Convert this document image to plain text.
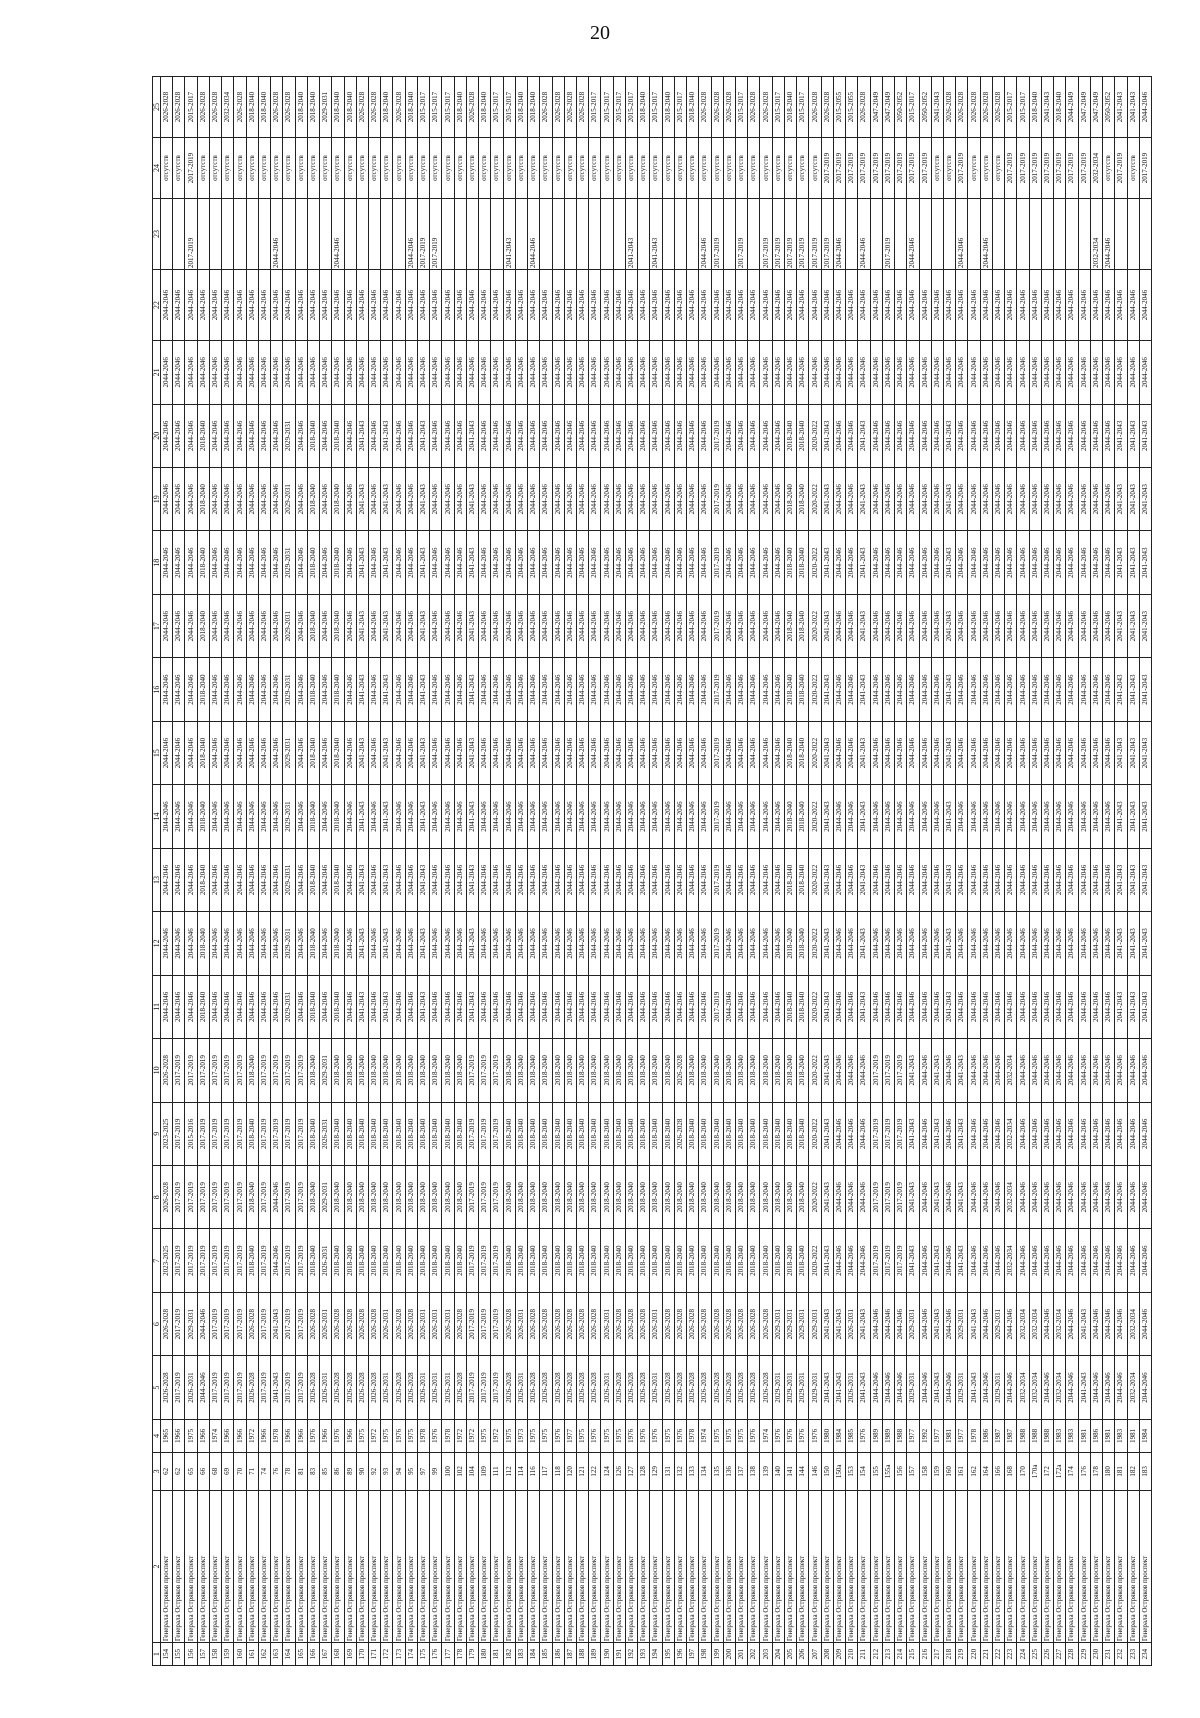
20
1	2	3	4	5	6	7	8	9	10	11	12	13	14	15	16	17	18	19	20	21	22	23	24	25
154	Генерала Остряков проспект	62	1965	2026-2028	2026-2028	2023-2025	2026-2028	2023-2025	2026-2028	2044-2046	2044-2046	2044-2046	2044-2046	2044-2046	2044-2046	2044-2046	2044-2046	2044-2046	2044-2046	2044-2046	2044-2046		отсутств	2026-2028
155	Генерала Остряков проспект	62	1966	2017-2019	2017-2019	2017-2019	2017-2019	2017-2019	2017-2019	2044-2046	2044-2046	2044-2046	2044-2046	2044-2046	2044-2046	2044-2046	2044-2046	2044-2046	2044-2046	2044-2046	2044-2046		отсутств	2026-2028
156	Генерала Остряков проспект	65	1975	2026-2031	2029-2031	2017-2019	2017-2019	2015-2016	2017-2019	2044-2046	2044-2046	2044-2046	2044-2046	2044-2046	2044-2046	2044-2046	2044-2046	2044-2046	2044-2046	2044-2046	2044-2046	2017-2019	2017-2019	2015-2017
157	Генерала Остряков проспект	66	1966	2044-2046	2044-2046	2017-2019	2017-2019	2017-2019	2017-2019	2018-2040	2018-2040	2018-2040	2018-2040	2018-2040	2018-2040	2018-2040	2018-2040	2018-2040	2018-2040	2044-2046	2044-2046		отсутств	2026-2028
158	Генерала Остряков проспект	68	1974	2017-2019	2017-2019	2017-2019	2017-2019	2017-2019	2017-2019	2044-2046	2044-2046	2044-2046	2044-2046	2044-2046	2044-2046	2044-2046	2044-2046	2044-2046	2044-2046	2044-2046	2044-2046		отсутств	2026-2028
159	Генерала Остряков проспект	69	1966	2017-2019	2017-2019	2017-2019	2017-2019	2017-2019	2017-2019	2044-2046	2044-2046	2044-2046	2044-2046	2044-2046	2044-2046	2044-2046	2044-2046	2044-2046	2044-2046	2044-2046	2044-2046		отсутств	2032-2034
160	Генерала Остряков проспект	70	1966	2017-2019	2017-2019	2017-2019	2017-2019	2017-2019	2017-2019	2044-2046	2044-2046	2044-2046	2044-2046	2044-2046	2044-2046	2044-2046	2044-2046	2044-2046	2044-2046	2044-2046	2044-2046		отсутств	2026-2028
161	Генерала Остряков проспект	71	1972	2026-2028	2026-2028	2018-2040	2018-2040	2018-2040	2018-2040	2044-2046	2044-2046	2044-2046	2044-2046	2044-2046	2044-2046	2044-2046	2044-2046	2044-2046	2044-2046	2044-2046	2044-2046		отсутств	2018-2040
162	Генерала Остряков проспект	74	1966	2017-2019	2017-2019	2017-2019	2017-2019	2017-2019	2017-2019	2044-2046	2044-2046	2044-2046	2044-2046	2044-2046	2044-2046	2044-2046	2044-2046	2044-2046	2044-2046	2044-2046	2044-2046		отсутств	2018-2040
163	Генерала Остряков проспект	76	1978	2041-2043	2041-2043	2044-2046	2044-2046	2017-2019	2017-2019	2044-2046	2044-2046	2044-2046	2044-2046	2044-2046	2044-2046	2044-2046	2044-2046	2044-2046	2044-2046	2044-2046	2044-2046	2044-2046	отсутств	2026-2028
164	Генерала Остряков проспект	78	1966	2017-2019	2017-2019	2017-2019	2017-2019	2017-2019	2017-2019	2029-2031	2029-2031	2029-2031	2029-2031	2029-2031	2029-2031	2029-2031	2029-2031	2029-2031	2029-2031	2044-2046	2044-2046		отсутств	2026-2028
165	Генерала Остряков проспект	81	1966	2017-2019	2017-2019	2017-2019	2017-2019	2017-2019	2017-2019	2044-2046	2044-2046	2044-2046	2044-2046	2044-2046	2044-2046	2044-2046	2044-2046	2044-2046	2044-2046	2044-2046	2044-2046		отсутств	2018-2040
166	Генерала Остряков проспект	83	1976	2026-2028	2026-2028	2018-2040	2018-2040	2018-2040	2018-2040	2018-2040	2018-2040	2018-2040	2018-2040	2018-2040	2018-2040	2018-2040	2018-2040	2018-2040	2018-2040	2044-2046	2044-2046		отсутств	2018-2040
167	Генерала Остряков проспект	85	1966	2026-2031	2026-2031	2026-2031	2029-2031	2026-2031	2029-2031	2044-2046	2044-2046	2044-2046	2044-2046	2044-2046	2044-2046	2044-2046	2044-2046	2044-2046	2044-2046	2044-2046	2044-2046		отсутств	2029-2031
168	Генерала Остряков проспект	86	1976	2026-2028	2026-2028	2018-2040	2018-2040	2018-2040	2018-2040	2018-2040	2018-2040	2018-2040	2018-2040	2018-2040	2018-2040	2018-2040	2018-2040	2018-2040	2018-2040	2044-2046	2044-2046	2044-2046	отсутств	2018-2040
169	Генерала Остряков проспект	89	1966	2026-2028	2026-2028	2018-2040	2018-2040	2018-2040	2018-2040	2044-2046	2044-2046	2044-2046	2044-2046	2044-2046	2044-2046	2044-2046	2044-2046	2044-2046	2044-2046	2044-2046	2044-2046		отсутств	2018-2040
170	Генерала Остряков проспект	90	1975	2026-2028	2026-2028	2018-2040	2018-2040	2018-2040	2018-2040	2041-2043	2041-2043	2041-2043	2041-2043	2041-2043	2041-2043	2041-2043	2041-2043	2041-2043	2041-2043	2044-2046	2044-2046		отсутств	2026-2028
171	Генерала Остряков проспект	92	1972	2026-2028	2026-2028	2018-2040	2018-2040	2018-2040	2018-2040	2044-2046	2044-2046	2044-2046	2044-2046	2044-2046	2044-2046	2044-2046	2044-2046	2044-2046	2044-2046	2044-2046	2044-2046		отсутств	2026-2028
172	Генерала Остряков проспект	93	1975	2026-2031	2026-2031	2018-2040	2018-2040	2018-2040	2018-2040	2041-2043	2041-2043	2041-2043	2041-2043	2041-2043	2041-2043	2041-2043	2041-2043	2041-2043	2041-2043	2044-2046	2044-2046		отсутств	2018-2040
173	Генерала Остряков проспект	94	1976	2026-2028	2026-2028	2018-2040	2018-2040	2018-2040	2018-2040	2044-2046	2044-2046	2044-2046	2044-2046	2044-2046	2044-2046	2044-2046	2044-2046	2044-2046	2044-2046	2044-2046	2044-2046		отсутств	2026-2028
174	Генерала Остряков проспект	95	1975	2026-2028	2026-2028	2018-2040	2018-2040	2018-2040	2018-2040	2044-2046	2044-2046	2044-2046	2044-2046	2044-2046	2044-2046	2044-2046	2044-2046	2044-2046	2044-2046	2044-2046	2044-2046	2044-2046	отсутств	2018-2040
175	Генерала Остряков проспект	97	1978	2026-2031	2026-2031	2018-2040	2018-2040	2018-2040	2018-2040	2041-2043	2041-2043	2041-2043	2041-2043	2041-2043	2041-2043	2041-2043	2041-2043	2041-2043	2041-2043	2044-2046	2044-2046	2017-2019	отсутств	2015-2017
176	Генерала Остряков проспект	99	1976	2026-2031	2026-2031	2018-2040	2018-2040	2018-2040	2018-2040	2044-2046	2044-2046	2044-2046	2044-2046	2044-2046	2044-2046	2044-2046	2044-2046	2044-2046	2044-2046	2044-2046	2044-2046	2017-2019	отсутств	2015-2017
177	Генерала Остряков проспект	100	1978	2026-2031	2026-2031	2018-2040	2018-2040	2018-2040	2018-2040	2044-2046	2044-2046	2044-2046	2044-2046	2044-2046	2044-2046	2044-2046	2044-2046	2044-2046	2044-2046	2044-2046	2044-2046		отсутств	2015-2017
178	Генерала Остряков проспект	102	1972	2026-2028	2026-2028	2018-2040	2018-2040	2018-2040	2018-2040	2044-2046	2044-2046	2044-2046	2044-2046	2044-2046	2044-2046	2044-2046	2044-2046	2044-2046	2044-2046	2044-2046	2044-2046		отсутств	2018-2040
179	Генерала Остряков проспект	104	1972	2017-2019	2017-2019	2017-2019	2017-2019	2017-2019	2017-2019	2041-2043	2041-2043	2041-2043	2041-2043	2041-2043	2041-2043	2041-2043	2041-2043	2041-2043	2041-2043	2044-2046	2044-2046		отсутств	2026-2028
180	Генерала Остряков проспект	109	1975	2017-2019	2017-2019	2017-2019	2017-2019	2017-2019	2017-2019	2044-2046	2044-2046	2044-2046	2044-2046	2044-2046	2044-2046	2044-2046	2044-2046	2044-2046	2044-2046	2044-2046	2044-2046		отсутств	2018-2040
181	Генерала Остряков проспект	111	1972	2017-2019	2017-2019	2017-2019	2017-2019	2017-2019	2017-2019	2044-2046	2044-2046	2044-2046	2044-2046	2044-2046	2044-2046	2044-2046	2044-2046	2044-2046	2044-2046	2044-2046	2044-2046		отсутств	2015-2017
182	Генерала Остряков проспект	112	1975	2026-2028	2026-2028	2018-2040	2018-2040	2018-2040	2018-2040	2044-2046	2044-2046	2044-2046	2044-2046	2044-2046	2044-2046	2044-2046	2044-2046	2044-2046	2044-2046	2044-2046	2044-2046	2041-2043	отсутств	2015-2017
183	Генерала Остряков проспект	114	1973	2026-2031	2026-2031	2018-2040	2018-2040	2018-2040	2018-2040	2044-2046	2044-2046	2044-2046	2044-2046	2044-2046	2044-2046	2044-2046	2044-2046	2044-2046	2044-2046	2044-2046	2044-2046		отсутств	2018-2040
184	Генерала Остряков проспект	116	1975	2026-2028	2026-2028	2018-2040	2018-2040	2018-2040	2018-2040	2044-2046	2044-2046	2044-2046	2044-2046	2044-2046	2044-2046	2044-2046	2044-2046	2044-2046	2044-2046	2044-2046	2044-2046	2044-2046	отсутств	2018-2040
185	Генерала Остряков проспект	117	1975	2026-2028	2026-2028	2018-2040	2018-2040	2018-2040	2018-2040	2044-2046	2044-2046	2044-2046	2044-2046	2044-2046	2044-2046	2044-2046	2044-2046	2044-2046	2044-2046	2044-2046	2044-2046		отсутств	2026-2028
186	Генерала Остряков проспект	118	1976	2026-2028	2026-2028	2018-2040	2018-2040	2018-2040	2018-2040	2044-2046	2044-2046	2044-2046	2044-2046	2044-2046	2044-2046	2044-2046	2044-2046	2044-2046	2044-2046	2044-2046	2044-2046		отсутств	2026-2028
187	Генерала Остряков проспект	120	1977	2026-2028	2026-2028	2018-2040	2018-2040	2018-2040	2018-2040	2044-2046	2044-2046	2044-2046	2044-2046	2044-2046	2044-2046	2044-2046	2044-2046	2044-2046	2044-2046	2044-2046	2044-2046		отсутств	2026-2028
188	Генерала Остряков проспект	121	1975	2026-2028	2026-2028	2018-2040	2018-2040	2018-2040	2018-2040	2044-2046	2044-2046	2044-2046	2044-2046	2044-2046	2044-2046	2044-2046	2044-2046	2044-2046	2044-2046	2044-2046	2044-2046		отсутств	2026-2028
189	Генерала Остряков проспект	122	1976	2026-2028	2026-2028	2018-2040	2018-2040	2018-2040	2018-2040	2044-2046	2044-2046	2044-2046	2044-2046	2044-2046	2044-2046	2044-2046	2044-2046	2044-2046	2044-2046	2044-2046	2044-2046		отсутств	2015-2017
190	Генерала Остряков проспект	124	1975	2026-2031	2026-2031	2018-2040	2018-2040	2018-2040	2018-2040	2044-2046	2044-2046	2044-2046	2044-2046	2044-2046	2044-2046	2044-2046	2044-2046	2044-2046	2044-2046	2044-2046	2044-2046		отсутств	2015-2017
191	Генерала Остряков проспект	126	1975	2026-2028	2026-2028	2018-2040	2018-2040	2018-2040	2018-2040	2044-2046	2044-2046	2044-2046	2044-2046	2044-2046	2044-2046	2044-2046	2044-2046	2044-2046	2044-2046	2044-2046	2044-2046		отсутств	2015-2017
192	Генерала Остряков проспект	127	1976	2026-2028	2026-2028	2018-2040	2018-2040	2018-2040	2018-2040	2044-2046	2044-2046	2044-2046	2044-2046	2044-2046	2044-2046	2044-2046	2044-2046	2044-2046	2044-2046	2044-2046	2044-2046	2041-2043	отсутств	2015-2017
193	Генерала Остряков проспект	128	1976	2026-2028	2026-2028	2018-2040	2018-2040	2018-2040	2018-2040	2044-2046	2044-2046	2044-2046	2044-2046	2044-2046	2044-2046	2044-2046	2044-2046	2044-2046	2044-2046	2044-2046	2044-2046		отсутств	2018-2040
194	Генерала Остряков проспект	129	1976	2026-2031	2026-2031	2018-2040	2018-2040	2018-2040	2018-2040	2044-2046	2044-2046	2044-2046	2044-2046	2044-2046	2044-2046	2044-2046	2044-2046	2044-2046	2044-2046	2044-2046	2044-2046	2041-2043	отсутств	2015-2017
195	Генерала Остряков проспект	131	1975	2026-2028	2026-2028	2018-2040	2018-2040	2018-2040	2018-2040	2044-2046	2044-2046	2044-2046	2044-2046	2044-2046	2044-2046	2044-2046	2044-2046	2044-2046	2044-2046	2044-2046	2044-2046		отсутств	2018-2040
196	Генерала Остряков проспект	132	1976	2026-2028	2026-2028	2018-2040	2018-2040	2026-2028	2026-2028	2044-2046	2044-2046	2044-2046	2044-2046	2044-2046	2044-2046	2044-2046	2044-2046	2044-2046	2044-2046	2044-2046	2044-2046		отсутств	2015-2017
197	Генерала Остряков проспект	133	1978	2026-2028	2026-2028	2018-2040	2018-2040	2018-2040	2018-2040	2044-2046	2044-2046	2044-2046	2044-2046	2044-2046	2044-2046	2044-2046	2044-2046	2044-2046	2044-2046	2044-2046	2044-2046		отсутств	2018-2040
198	Генерала Остряков проспект	134	1974	2026-2028	2026-2028	2018-2040	2018-2040	2018-2040	2018-2040	2044-2046	2044-2046	2044-2046	2044-2046	2044-2046	2044-2046	2044-2046	2044-2046	2044-2046	2044-2046	2044-2046	2044-2046	2044-2046	отсутств	2026-2028
199	Генерала Остряков проспект	135	1975	2026-2028	2026-2028	2018-2040	2018-2040	2018-2040	2018-2040	2017-2019	2017-2019	2017-2019	2017-2019	2017-2019	2017-2019	2017-2019	2017-2019	2017-2019	2017-2019	2044-2046	2044-2046	2017-2019	отсутств	2026-2028
200	Генерала Остряков проспект	136	1975	2026-2028	2026-2028	2018-2040	2018-2040	2018-2040	2018-2040	2044-2046	2044-2046	2044-2046	2044-2046	2044-2046	2044-2046	2044-2046	2044-2046	2044-2046	2044-2046	2044-2046	2044-2046		отсутств	2026-2028
201	Генерала Остряков проспект	137	1975	2026-2028	2026-2028	2018-2040	2018-2040	2018-2040	2018-2040	2044-2046	2044-2046	2044-2046	2044-2046	2044-2046	2044-2046	2044-2046	2044-2046	2044-2046	2044-2046	2044-2046	2044-2046	2017-2019	отсутств	2015-2017
202	Генерала Остряков проспект	138	1976	2026-2028	2026-2028	2018-2040	2018-2040	2018-2040	2018-2040	2044-2046	2044-2046	2044-2046	2044-2046	2044-2046	2044-2046	2044-2046	2044-2046	2044-2046	2044-2046	2044-2046	2044-2046		отсутств	2026-2028
203	Генерала Остряков проспект	139	1974	2026-2028	2026-2028	2018-2040	2018-2040	2018-2040	2018-2040	2044-2046	2044-2046	2044-2046	2044-2046	2044-2046	2044-2046	2044-2046	2044-2046	2044-2046	2044-2046	2044-2046	2044-2046	2017-2019	отсутств	2026-2028
204	Генерала Остряков проспект	140	1976	2029-2031	2029-2031	2018-2040	2018-2040	2018-2040	2018-2040	2044-2046	2044-2046	2044-2046	2044-2046	2044-2046	2044-2046	2044-2046	2044-2046	2044-2046	2044-2046	2044-2046	2044-2046	2017-2019	отсутств	2015-2017
205	Генерала Остряков проспект	141	1976	2029-2031	2029-2031	2018-2040	2018-2040	2018-2040	2018-2040	2018-2040	2018-2040	2018-2040	2018-2040	2018-2040	2018-2040	2018-2040	2018-2040	2018-2040	2018-2040	2044-2046	2044-2046	2017-2019	отсутств	2018-2040
206	Генерала Остряков проспект	144	1976	2029-2031	2029-2031	2018-2040	2018-2040	2018-2040	2018-2040	2018-2040	2018-2040	2018-2040	2018-2040	2018-2040	2018-2040	2018-2040	2018-2040	2018-2040	2018-2040	2044-2046	2044-2046	2017-2019	отсутств	2015-2017
207	Генерала Остряков проспект	146	1976	2029-2031	2029-2031	2020-2022	2020-2022	2020-2022	2020-2022	2020-2022	2020-2022	2020-2022	2020-2022	2020-2022	2020-2022	2020-2022	2020-2022	2020-2022	2020-2022	2044-2046	2044-2046	2017-2019	отсутств	2026-2028
208	Генерала Остряков проспект	150	1980	2041-2043	2041-2043	2041-2043	2041-2043	2041-2043	2041-2043	2041-2043	2041-2043	2041-2043	2041-2043	2041-2043	2041-2043	2041-2043	2041-2043	2041-2043	2041-2043	2044-2046	2044-2046	2017-2019	2017-2019	2026-2028
209	Генерала Остряков проспект	150а	1984	2041-2043	2041-2043	2044-2046	2044-2046	2044-2046	2044-2046	2044-2046	2044-2046	2044-2046	2044-2046	2044-2046	2044-2046	2044-2046	2044-2046	2044-2046	2044-2046	2044-2046	2044-2046	2044-2046	2017-2019	2015-2055
210	Генерала Остряков проспект	153	1985	2026-2031	2026-2031	2044-2046	2044-2046	2044-2046	2044-2046	2044-2046	2044-2046	2044-2046	2044-2046	2044-2046	2044-2046	2044-2046	2044-2046	2044-2046	2044-2046	2044-2046	2044-2046		2017-2019	2015-2055
211	Генерала Остряков проспект	154	1976	2041-2043	2041-2043	2044-2046	2044-2046	2044-2046	2044-2046	2041-2043	2041-2043	2041-2043	2041-2043	2041-2043	2041-2043	2041-2043	2041-2043	2041-2043	2041-2043	2044-2046	2044-2046	2044-2046	2017-2019	2026-2028
212	Генерала Остряков проспект	155	1989	2044-2046	2044-2046	2017-2019	2017-2019	2017-2019	2017-2019	2044-2046	2044-2046	2044-2046	2044-2046	2044-2046	2044-2046	2044-2046	2044-2046	2044-2046	2044-2046	2044-2046	2044-2046		2017-2019	2047-2049
213	Генерала Остряков проспект	155а	1989	2044-2046	2044-2046	2017-2019	2017-2019	2017-2019	2017-2019	2044-2046	2044-2046	2044-2046	2044-2046	2044-2046	2044-2046	2044-2046	2044-2046	2044-2046	2044-2046	2044-2046	2044-2046	2017-2019	2017-2019	2047-2049
214	Генерала Остряков проспект	156	1988	2044-2046	2044-2046	2017-2019	2017-2019	2017-2019	2017-2019	2044-2046	2044-2046	2044-2046	2044-2046	2044-2046	2044-2046	2044-2046	2044-2046	2044-2046	2044-2046	2044-2046	2044-2046		2017-2019	2050-2052
215	Генерала Остряков проспект	157	1977	2029-2031	2029-2031	2041-2043	2041-2043	2041-2043	2041-2043	2044-2046	2044-2046	2044-2046	2044-2046	2044-2046	2044-2046	2044-2046	2044-2046	2044-2046	2044-2046	2044-2046	2044-2046	2044-2046	2017-2019	2015-2017
216	Генерала Остряков проспект	158	1992	2044-2046	2044-2046	2044-2046	2044-2046	2044-2046	2044-2046	2044-2046	2044-2046	2044-2046	2044-2046	2044-2046	2044-2046	2044-2046	2044-2046	2044-2046	2044-2046	2044-2046	2044-2046		2017-2019	2050-2052
217	Генерала Остряков проспект	159	1977	2041-2043	2041-2043	2041-2043	2041-2043	2041-2043	2041-2043	2044-2046	2044-2046	2044-2046	2044-2046	2044-2046	2044-2046	2044-2046	2044-2046	2044-2046	2044-2046	2044-2046	2044-2046		отсутств	2041-2043
218	Генерала Остряков проспект	160	1981	2044-2046	2044-2046	2044-2046	2044-2046	2044-2046	2044-2046	2041-2043	2041-2043	2041-2043	2041-2043	2041-2043	2041-2043	2041-2043	2041-2043	2041-2043	2041-2043	2044-2046	2044-2046		отсутств	2026-2028
219	Генерала Остряков проспект	161	1977	2029-2031	2029-2031	2041-2043	2041-2043	2041-2043	2041-2043	2044-2046	2044-2046	2044-2046	2044-2046	2044-2046	2044-2046	2044-2046	2044-2046	2044-2046	2044-2046	2044-2046	2044-2046	2044-2046	2017-2019	2026-2028
220	Генерала Остряков проспект	162	1978	2041-2043	2041-2043	2044-2046	2044-2046	2044-2046	2044-2046	2044-2046	2044-2046	2044-2046	2044-2046	2044-2046	2044-2046	2044-2046	2044-2046	2044-2046	2044-2046	2044-2046	2044-2046		отсутств	2026-2028
221	Генерала Остряков проспект	164	1986	2044-2046	2044-2046	2044-2046	2044-2046	2044-2046	2044-2046	2044-2046	2044-2046	2044-2046	2044-2046	2044-2046	2044-2046	2044-2046	2044-2046	2044-2046	2044-2046	2044-2046	2044-2046	2044-2046	отсутств	2026-2028
222	Генерала Остряков проспект	166	1987	2029-2031	2029-2031	2044-2046	2044-2046	2044-2046	2044-2046	2044-2046	2044-2046	2044-2046	2044-2046	2044-2046	2044-2046	2044-2046	2044-2046	2044-2046	2044-2046	2044-2046	2044-2046		отсутств	2026-2028
223	Генерала Остряков проспект	168	1987	2044-2046	2044-2046	2032-2034	2032-2034	2032-2034	2032-2034	2044-2046	2044-2046	2044-2046	2044-2046	2044-2046	2044-2046	2044-2046	2044-2046	2044-2046	2044-2046	2044-2046	2044-2046		2017-2019	2015-2017
224	Генерала Остряков проспект	170	1988	2032-2034	2032-2034	2044-2046	2044-2046	2044-2046	2044-2046	2044-2046	2044-2046	2044-2046	2044-2046	2044-2046	2044-2046	2044-2046	2044-2046	2044-2046	2044-2046	2044-2046	2044-2046		2017-2019	2015-2017
225	Генерала Остряков проспект	170а	1988	2032-2034	2032-2034	2044-2046	2044-2046	2044-2046	2044-2046	2044-2046	2044-2046	2044-2046	2044-2046	2044-2046	2044-2046	2044-2046	2044-2046	2044-2046	2044-2046	2044-2046	2044-2046		2017-2019	2018-2040
226	Генерала Остряков проспект	172	1988	2044-2046	2044-2046	2044-2046	2044-2046	2044-2046	2044-2046	2044-2046	2044-2046	2044-2046	2044-2046	2044-2046	2044-2046	2044-2046	2044-2046	2044-2046	2044-2046	2044-2046	2044-2046		2017-2019	2041-2043
227	Генерала Остряков проспект	172а	1983	2032-2034	2032-2034	2044-2046	2044-2046	2044-2046	2044-2046	2044-2046	2044-2046	2044-2046	2044-2046	2044-2046	2044-2046	2044-2046	2044-2046	2044-2046	2044-2046	2044-2046	2044-2046		2017-2019	2018-2040
228	Генерала Остряков проспект	174	1983	2044-2046	2044-2046	2044-2046	2044-2046	2044-2046	2044-2046	2044-2046	2044-2046	2044-2046	2044-2046	2044-2046	2044-2046	2044-2046	2044-2046	2044-2046	2044-2046	2044-2046	2044-2046		2017-2019	2044-2049
229	Генерала Остряков проспект	176	1981	2041-2043	2041-2043	2044-2046	2044-2046	2044-2046	2044-2046	2044-2046	2044-2046	2044-2046	2044-2046	2044-2046	2044-2046	2044-2046	2044-2046	2044-2046	2044-2046	2044-2046	2044-2046		2017-2019	2047-2049
230	Генерала Остряков проспект	178	1986	2044-2046	2044-2046	2044-2046	2044-2046	2044-2046	2044-2046	2044-2046	2044-2046	2044-2046	2044-2046	2044-2046	2044-2046	2044-2046	2044-2046	2044-2046	2044-2046	2044-2046	2044-2046	2032-2034	2032-2034	2047-2049
231	Генерала Остряков проспект	180	1981	2044-2046	2044-2046	2044-2046	2044-2046	2044-2046	2044-2046	2044-2046	2044-2046	2044-2046	2044-2046	2044-2046	2044-2046	2044-2046	2044-2046	2044-2046	2044-2046	2044-2046	2044-2046	2044-2046	отсутств	2050-2052
232	Генерала Остряков проспект	181	1983	2044-2046	2044-2046	2044-2046	2044-2046	2044-2046	2044-2046	2041-2043	2041-2043	2041-2043	2041-2043	2041-2043	2041-2043	2041-2043	2041-2043	2041-2043	2041-2043	2044-2046	2044-2046		2017-2019	2041-2043
233	Генерала Остряков проспект	182	1981	2032-2034	2032-2034	2044-2046	2044-2046	2044-2046	2044-2046	2041-2043	2041-2043	2041-2043	2041-2043	2041-2043	2041-2043	2041-2043	2041-2043	2041-2043	2041-2043	2044-2046	2044-2046		отсутств	2041-2043
234	Генерала Остряков проспект	183	1984	2044-2046	2044-2046	2044-2046	2044-2046	2044-2046	2044-2046	2041-2043	2041-2043	2041-2043	2041-2043	2041-2043	2041-2043	2041-2043	2041-2043	2041-2043	2041-2043	2044-2046	2044-2046		2017-2019	2044-2046
